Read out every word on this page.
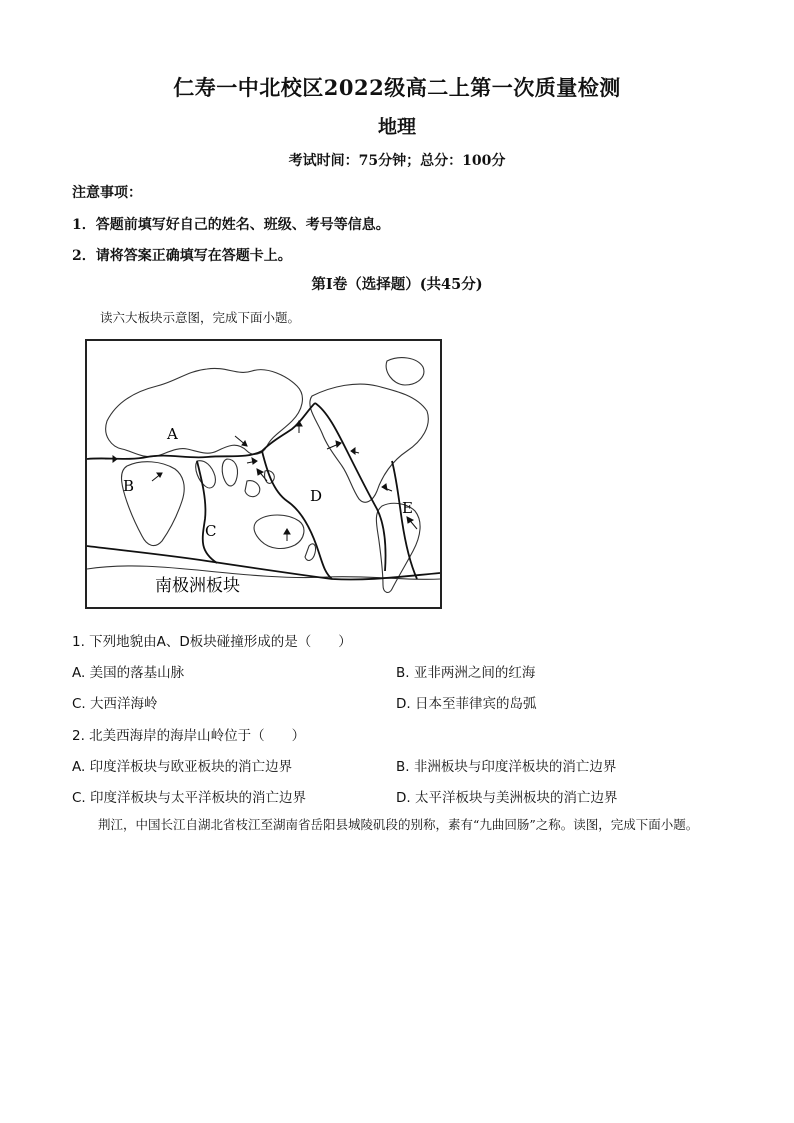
仁寿一中北校区2022级高二上第一次质量检测
地理
考试时间：75分钟；总分：100分
注意事项：
1．答题前填写好自己的姓名、班级、考号等信息。
2．请将答案正确填写在答题卡上。
第Ⅰ卷（选择题）(共45分)
读六大板块示意图，完成下面小题。
A
B
C
D
E
南极洲板块
1. 下列地貌由A、D板块碰撞形成的是（　　）
A. 美国的落基山脉	B. 亚非两洲之间的红海
C. 大西洋海岭	D. 日本至菲律宾的岛弧
2. 北美西海岸的海岸山岭位于（　　）
A. 印度洋板块与欧亚板块的消亡边界	B. 非洲板块与印度洋板块的消亡边界
C. 印度洋板块与太平洋板块的消亡边界	D. 太平洋板块与美洲板块的消亡边界
荆江，中国长江自湖北省枝江至湖南省岳阳县城陵矶段的别称，素有“九曲回肠”之称。读图，完成下面小题。
